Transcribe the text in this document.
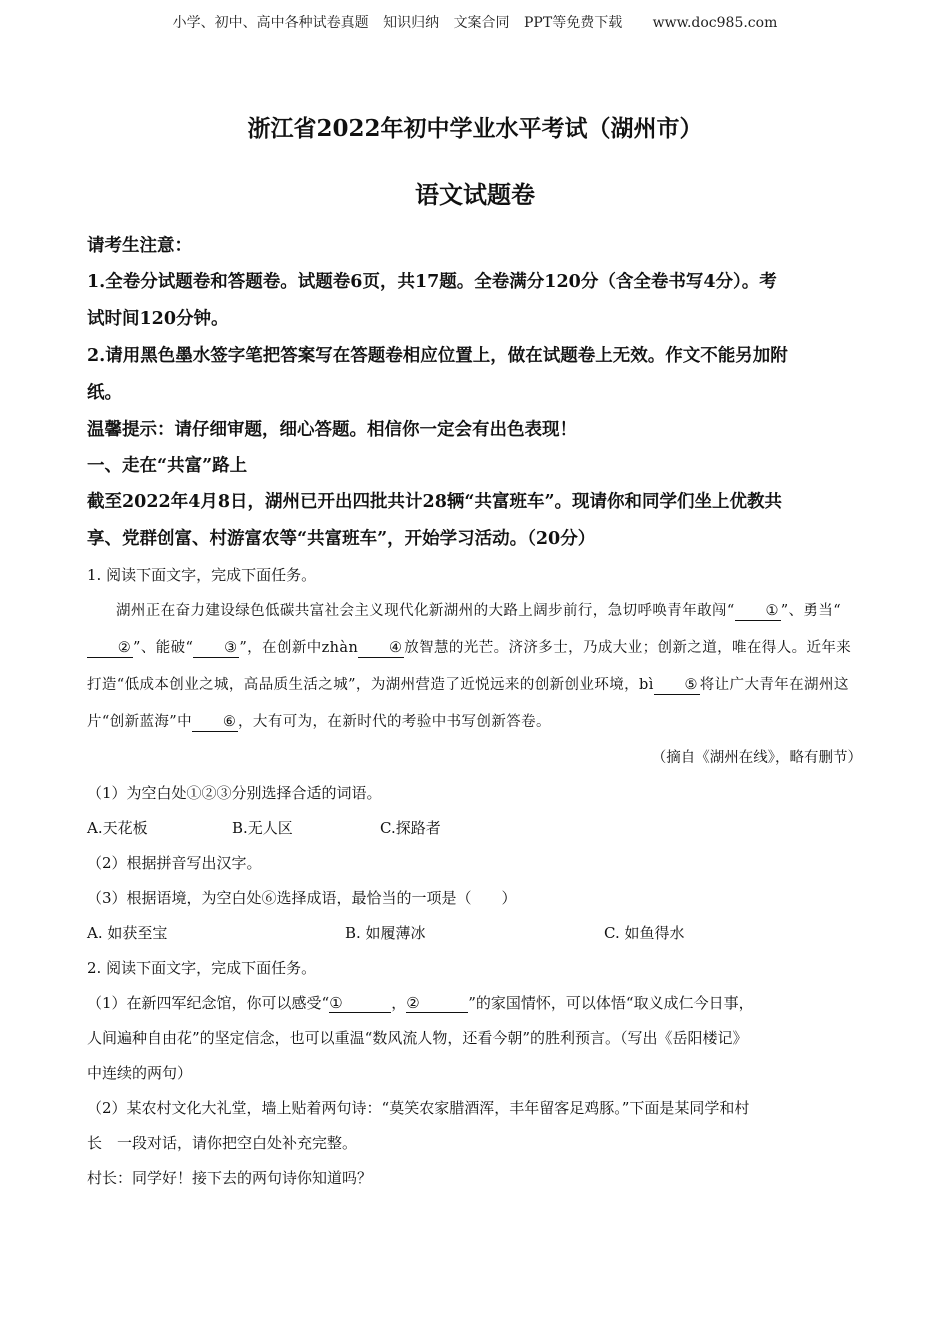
小学、初中、高中各种试卷真题 知识归纳 文案合同 PPT等免费下载 www.doc985.com
浙江省2022年初中学业水平考试（湖州市）
语文试题卷

请考生注意：

1.全卷分试题卷和答题卷。试题卷6页，共17题。全卷满分120分（含全卷书写4分）。考
试时间120分钟。

2.请用黑色墨水签字笔把答案写在答题卷相应位置上，做在试题卷上无效。作文不能另加附
纸。

温馨提示：请仔细审题，细心答题。相信你一定会有出色表现！

一、走在“共富”路上

截至2022年4月8日，湖州已开出四批共计28辆“共富班车”。现请你和同学们坐上优教共
享、党群创富、村游富农等“共富班车”，开始学习活动。（20分）

1. 阅读下面文字，完成下面任务。

湖州正在奋力建设绿色低碳共富社会主义现代化新湖州的大路上阔步前行，急切呼唤青年敢闯“ ① ”、勇当“② ”、能破“ ③ ”，在创新中zhàn ④ 放智慧的光芒。济济多士，乃成大业；创新之道，唯在得人。近年来打造“低成本创业之城，高品质生活之城”，为湖州营造了近悦远来的创新创业环境，bì ⑤ 将让广大青年在湖州这片“创新蓝海”中 ⑥ ，大有可为，在新时代的考验中书写创新答卷。

（摘自《湖州在线》，略有删节）

（1）为空白处①②③分别选择合适的词语。

A.天花板	B.无人区	C.探路者

（2）根据拼音写出汉字。

（3）根据语境，为空白处⑥选择成语，最恰当的一项是（　　）

A. 如获至宝	B. 如履薄冰	C. 如鱼得水

2. 阅读下面文字，完成下面任务。

（1）在新四军纪念馆，你可以感受“①	，②	”的家国情怀，可以体悟“取义成仁今日事，

人间遍种自由花”的坚定信念，也可以重温“数风流人物，还看今朝”的胜利预言。（写出《岳阳楼记》

中连续的两句）

（2）某农村文化大礼堂，墙上贴着两句诗：“莫笑农家腊酒浑，丰年留客足鸡豚。”下面是某同学和村

长　一段对话，请你把空白处补充完整。

村长：同学好！接下去的两句诗你知道吗？
